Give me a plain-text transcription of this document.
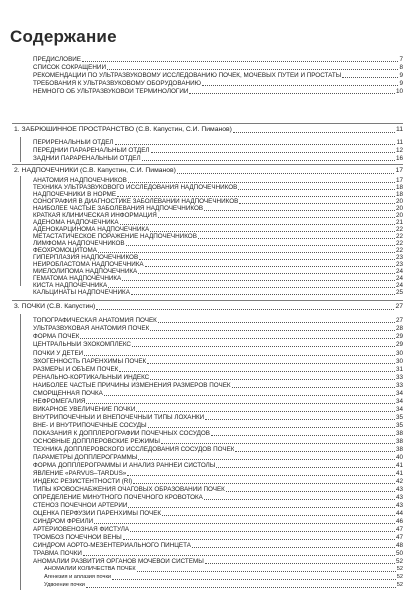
Содержание
ПРЕДИСЛОВИЕ	7
СПИСОК СОКРАЩЕНИЙ	8
РЕКОМЕНДАЦИИ ПО УЛЬТРАЗВУКОВОМУ ИССЛЕДОВАНИЮ ПОЧЕК, МОЧЕВЫХ ПУТЕЙ И ПРОСТАТЫ	9
ТРЕБОВАНИЯ К УЛЬТРАЗВУКОВОМУ ОБОРУДОВАНИЮ	9
НЕМНОГО ОБ УЛЬТРАЗВУКОВОЙ ТЕРМИНОЛОГИИ	10
1. ЗАБРЮШИННОЕ ПРОСТРАНСТВО (С.В. Капустин, С.И. Пиманов)	11
ПЕРИРЕНАЛЬНЫЙ ОТДЕЛ	11
ПЕРЕДНИЙ ПАРАРЕНАЛЬНЫЙ ОТДЕЛ	12
ЗАДНИЙ ПАРАРЕНАЛЬНЫЙ ОТДЕЛ	16
2. НАДПОЧЕЧНИКИ (С.В. Капустин, С.И. Пиманов)	17
АНАТОМИЯ НАДПОЧЕЧНИКОВ	17
ТЕХНИКА УЛЬТРАЗВУКОВОГО ИССЛЕДОВАНИЯ НАДПОЧЕЧНИКОВ	18
НАДПОЧЕЧНИКИ В НОРМЕ	18
СОНОГРАФИЯ В ДИАГНОСТИКЕ ЗАБОЛЕВАНИЙ НАДПОЧЕЧНИКОВ	20
НАИБОЛЕЕ ЧАСТЫЕ ЗАБОЛЕВАНИЯ НАДПОЧЕЧНИКОВ	20
КРАТКАЯ КЛИНИЧЕСКАЯ ИНФОРМАЦИЯ	20
АДЕНОМА НАДПОЧЕЧНИКА	21
АДЕНОКАРЦИНОМА НАДПОЧЕЧНИКА	22
МЕТАСТАТИЧЕСКОЕ ПОРАЖЕНИЕ НАДПОЧЕЧНИКОВ	22
ЛИМФОМА НАДПОЧЕЧНИКОВ	22
ФЕОХРОМОЦИТОМА	22
ГИПЕРПЛАЗИЯ НАДПОЧЕЧНИКОВ	23
НЕЙРОБЛАСТОМА НАДПОЧЕЧНИКА	23
МИЕЛОЛИПОМА НАДПОЧЕЧНИКА	24
ГЕМАТОМА НАДПОЧЕЧНИКА	24
КИСТА НАДПОЧЕЧНИКА	24
КАЛЬЦИНАТЫ НАДПОЧЕЧНИКА	25
3. ПОЧКИ (С.В. Капустин)	27
ТОПОГРАФИЧЕСКАЯ АНАТОМИЯ ПОЧЕК	27
УЛЬТРАЗВУКОВАЯ АНАТОМИЯ ПОЧЕК	28
ФОРМА ПОЧЕК	29
ЦЕНТРАЛЬНЫЙ ЭХОКОМПЛЕКС	29
ПОЧКИ У ДЕТЕЙ	30
ЭХОГЕННОСТЬ ПАРЕНХИМЫ ПОЧЕК	30
РАЗМЕРЫ И ОБЪЕМ ПОЧЕК	31
РЕНАЛЬНО-КОРТИКАЛЬНЫЙ ИНДЕКС	33
НАИБОЛЕЕ ЧАСТЫЕ ПРИЧИНЫ ИЗМЕНЕНИЯ РАЗМЕРОВ ПОЧЕК	33
СМОРЩЕННАЯ ПОЧКА	34
НЕФРОМЕГАЛИЯ	34
ВИКАРНОЕ УВЕЛИЧЕНИЕ ПОЧКИ	34
ВНУТРИПОЧЕЧНЫЙ И ВНЕПОЧЕЧНЫЙ ТИПЫ ЛОХАНКИ	35
ВНЕ- И ВНУТРИПОЧЕЧНЫЕ СОСУДЫ	35
ПОКАЗАНИЯ К ДОППЛЕРОГРАФИИ ПОЧЕЧНЫХ СОСУДОВ	38
ОСНОВНЫЕ ДОППЛЕРОВСКИЕ РЕЖИМЫ	38
ТЕХНИКА ДОППЛЕРОВСКОГО ИССЛЕДОВАНИЯ СОСУДОВ ПОЧЕК	38
ПАРАМЕТРЫ ДОППЛЕРОГРАММЫ	40
ФОРМА ДОППЛЕРОГРАММЫ И АНАЛИЗ РАННЕЙ СИСТОЛЫ	41
ЯВЛЕНИЕ «PARVUS–TARDUS»	41
ИНДЕКС РЕЗИСТЕНТНОСТИ (RI)	42
ТИПЫ КРОВОСНАБЖЕНИЯ ОЧАГОВЫХ ОБРАЗОВАНИЙ ПОЧЕК	43
ОПРЕДЕЛЕНИЕ МИНУТНОГО ПОЧЕЧНОГО КРОВОТОКА	43
СТЕНОЗ ПОЧЕЧНОЙ АРТЕРИИ	43
ОЦЕНКА ПЕРФУЗИИ ПАРЕНХИМЫ ПОЧЕК	44
СИНДРОМ ФРЕЙЛИ	46
АРТЕРИОВЕНОЗНАЯ ФИСТУЛА	47
ТРОМБОЗ ПОЧЕЧНОЙ ВЕНЫ	47
СИНДРОМ АОРТО-МЕЗЕНТЕРИАЛЬНОГО ПИНЦЕТА	48
ТРАВМА ПОЧКИ	50
АНОМАЛИИ РАЗВИТИЯ ОРГАНОВ МОЧЕВОЙ СИСТЕМЫ	52
АНОМАЛИИ КОЛИЧЕСТВА ПОЧЕК	52
Агенезия и аплазия почки	52
Удвоение почки	52
